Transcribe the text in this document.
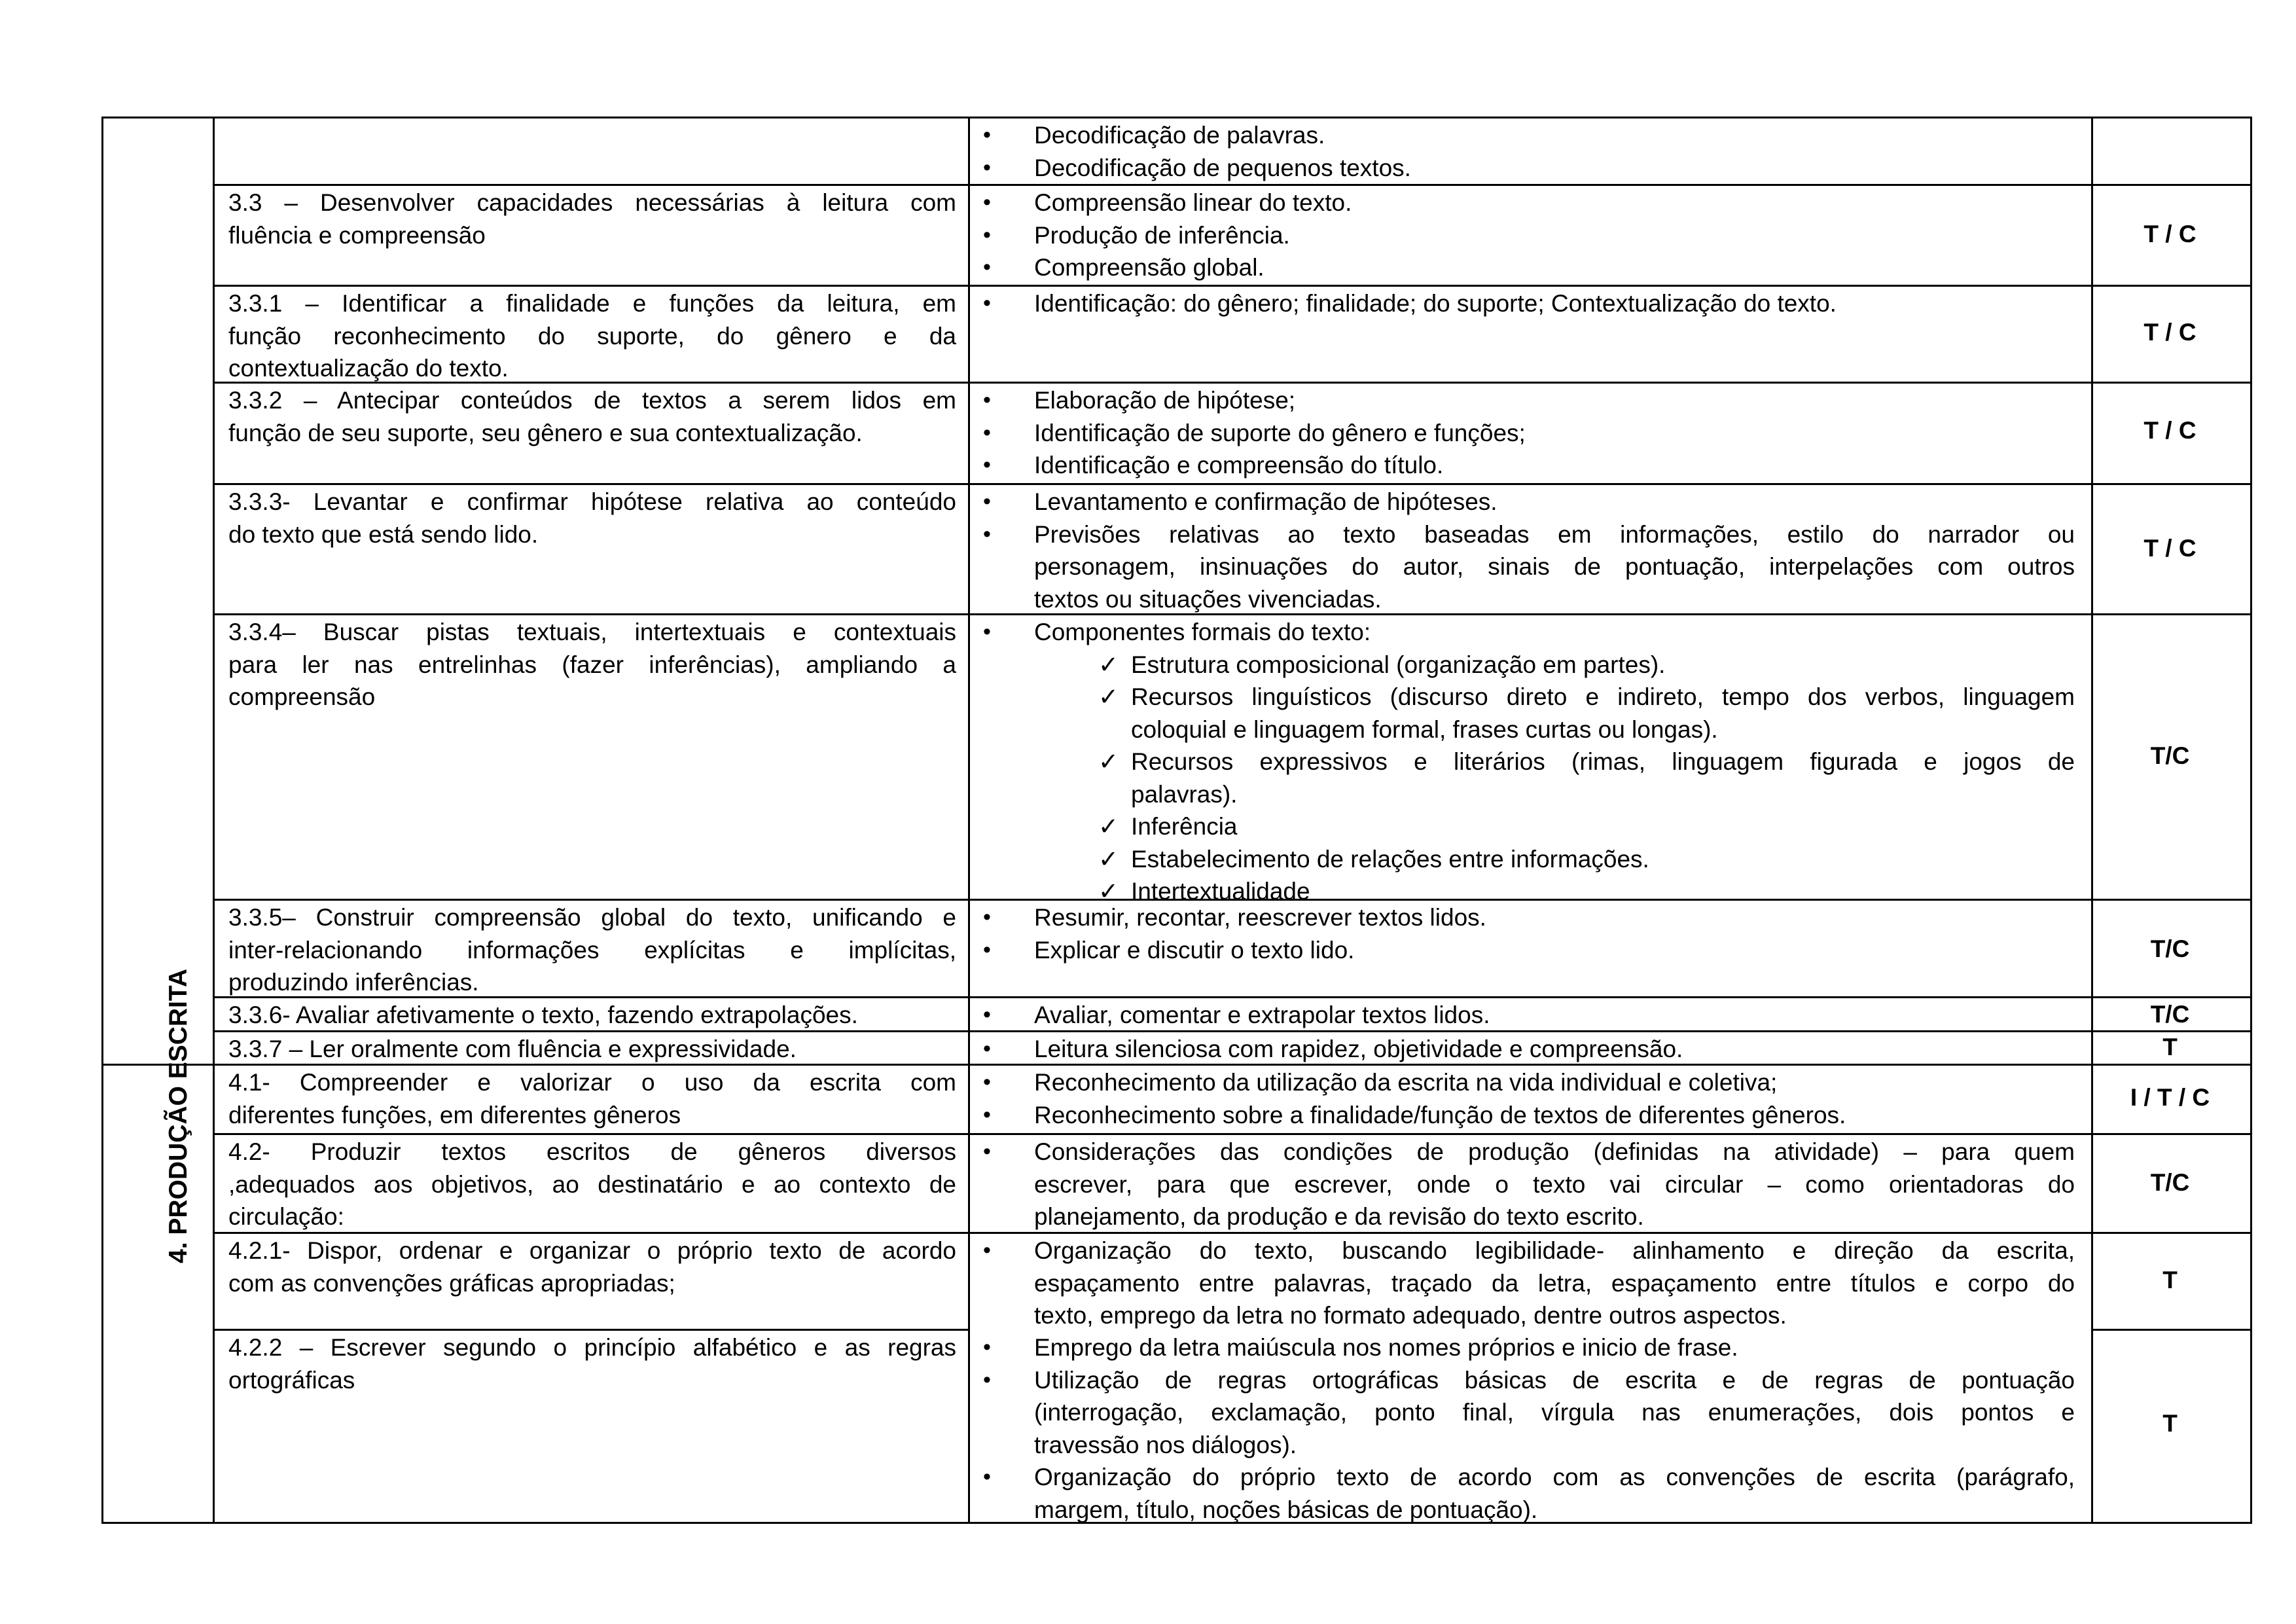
4. PRODUÇÃO ESCRITA
• Decodificação de palavras.
• Decodificação de pequenos textos.
3.3 – Desenvolver capacidades necessárias à leitura com
fluência e compreensão
• Compreensão linear do texto.
• Produção de inferência.
• Compreensão global.
T / C
3.3.1 – Identificar a finalidade e funções da leitura, em
função reconhecimento do suporte, do gênero e da
contextualização do texto.
• Identificação: do gênero; finalidade; do suporte; Contextualização do texto.
T / C
3.3.2 – Antecipar conteúdos de textos a serem lidos em
função de seu suporte, seu gênero e sua contextualização.
• Elaboração de hipótese;
• Identificação de suporte do gênero e funções;
• Identificação e compreensão do título.
T / C
3.3.3- Levantar e confirmar hipótese relativa ao conteúdo
do texto que está sendo lido.
• Levantamento e confirmação de hipóteses.
• Previsões relativas ao texto baseadas em informações, estilo do narrador ou
personagem, insinuações do autor, sinais de pontuação, interpelações com outros
textos ou situações vivenciadas.
T / C
3.3.4– Buscar pistas textuais, intertextuais e contextuais
para ler nas entrelinhas (fazer inferências), ampliando a
compreensão
• Componentes formais do texto:
✓ Estrutura composicional (organização em partes).
✓ Recursos linguísticos (discurso direto e indireto, tempo dos verbos, linguagem
coloquial e linguagem formal, frases curtas ou longas).
✓ Recursos expressivos e literários (rimas, linguagem figurada e jogos de
palavras).
✓ Inferência
✓ Estabelecimento de relações entre informações.
✓ Intertextualidade
T/C
3.3.5– Construir compreensão global do texto, unificando e
inter-relacionando informações explícitas e implícitas,
produzindo inferências.
• Resumir, recontar, reescrever textos lidos.
• Explicar e discutir o texto lido.	T/C
3.3.6- Avaliar afetivamente o texto, fazendo extrapolações.	• Avaliar, comentar e extrapolar textos lidos.	T/C
3.3.7 – Ler oralmente com fluência e expressividade.	• Leitura silenciosa com rapidez, objetividade e compreensão.	T
4.1- Compreender e valorizar o uso da escrita com
diferentes funções, em diferentes gêneros
• Reconhecimento da utilização da escrita na vida individual e coletiva;
• Reconhecimento sobre a finalidade/função de textos de diferentes gêneros.
I / T / C
4.2- Produzir textos escritos de gêneros diversos
,adequados aos objetivos, ao destinatário e ao contexto de
circulação:
• Considerações das condições de produção (definidas na atividade) – para quem
escrever, para que escrever, onde o texto vai circular – como orientadoras do
planejamento, da produção e da revisão do texto escrito.
T/C
4.2.1- Dispor, ordenar e organizar o próprio texto de acordo
com as convenções gráficas apropriadas;
• Organização do texto, buscando legibilidade- alinhamento e direção da escrita,
espaçamento entre palavras, traçado da letra, espaçamento entre títulos e corpo do
texto, emprego da letra no formato adequado, dentre outros aspectos.
T
4.2.2 – Escrever segundo o princípio alfabético e as regras
ortográficas
• Emprego da letra maiúscula nos nomes próprios e inicio de frase.
• Utilização de regras ortográficas básicas de escrita e de regras de pontuação
(interrogação, exclamação, ponto final, vírgula nas enumerações, dois pontos e
travessão nos diálogos).
• Organização do próprio texto de acordo com as convenções de escrita (parágrafo,
margem, título, noções básicas de pontuação).
T
